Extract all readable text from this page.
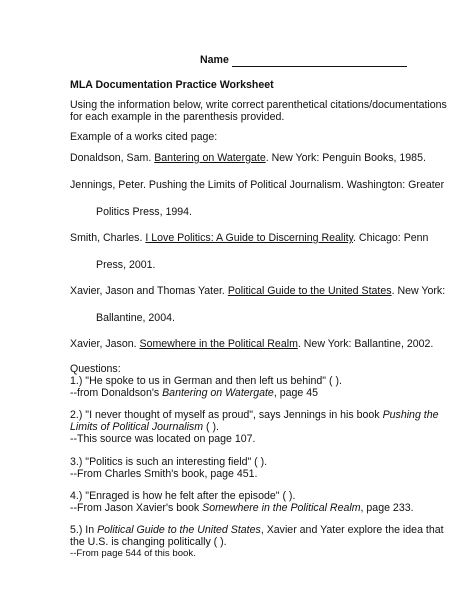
Name
MLA Documentation Practice Worksheet
Using the information below, write correct parenthetical citations/documentations
for each example in the parenthesis provided.
Example of a works cited page:
Donaldson, Sam. Bantering on Watergate. New York: Penguin Books, 1985.
Jennings, Peter. Pushing the Limits of Political Journalism. Washington: Greater
Politics Press, 1994.
Smith, Charles. I Love Politics: A Guide to Discerning Reality. Chicago: Penn
Press, 2001.
Xavier, Jason and Thomas Yater. Political Guide to the United States. New York:
Ballantine, 2004.
Xavier, Jason. Somewhere in the Political Realm. New York: Ballantine, 2002.
Questions:
1.) "He spoke to us in German and then left us behind" ( ).
--from Donaldson's Bantering on Watergate, page 45
2.) "I never thought of myself as proud", says Jennings in his book Pushing the
Limits of Political Journalism ( ).
--This source was located on page 107.
3.) "Politics is such an interesting field" ( ).
--From Charles Smith's book, page 451.
4.) "Enraged is how he felt after the episode" ( ).
--From Jason Xavier's book Somewhere in the Political Realm, page 233.
5.) In Political Guide to the United States, Xavier and Yater explore the idea that
the U.S. is changing politically ( ).
--From page 544 of this book.
